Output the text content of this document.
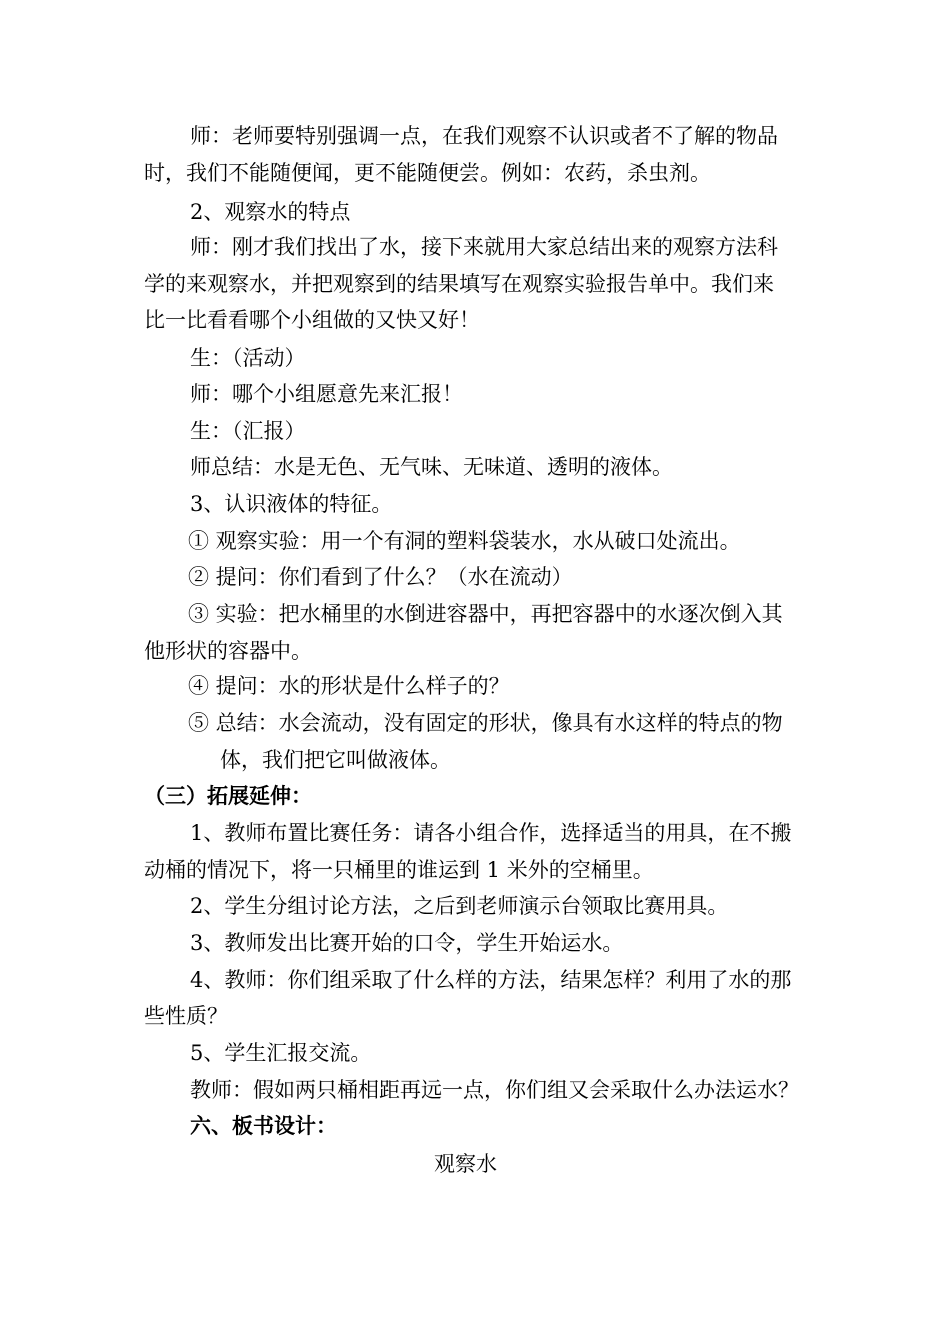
师：老师要特别强调一点，在我们观察不认识或者不了解的物品
时，我们不能随便闻，更不能随便尝。例如：农药，杀虫剂。
2、观察水的特点
师：刚才我们找出了水，接下来就用大家总结出来的观察方法科
学的来观察水，并把观察到的结果填写在观察实验报告单中。我们来
比一比看看哪个小组做的又快又好！
生：（活动）
师：哪个小组愿意先来汇报！
生：（汇报）
师总结：水是无色、无气味、无味道、透明的液体。
3、认识液体的特征。
① 观察实验：用一个有洞的塑料袋装水，水从破口处流出。
② 提问：你们看到了什么？（水在流动）
③ 实验：把水桶里的水倒进容器中，再把容器中的水逐次倒入其
他形状的容器中。
④ 提问：水的形状是什么样子的？
⑤ 总结：水会流动，没有固定的形状，像具有水这样的特点的物
体，我们把它叫做液体。
（三）拓展延伸：
1、教师布置比赛任务：请各小组合作，选择适当的用具，在不搬
动桶的情况下，将一只桶里的谁运到 1 米外的空桶里。
2、学生分组讨论方法，之后到老师演示台领取比赛用具。
3、教师发出比赛开始的口令，学生开始运水。
4、教师：你们组采取了什么样的方法，结果怎样？利用了水的那
些性质？
5、学生汇报交流。
教师：假如两只桶相距再远一点，你们组又会采取什么办法运水？
六、板书设计：
观察水
